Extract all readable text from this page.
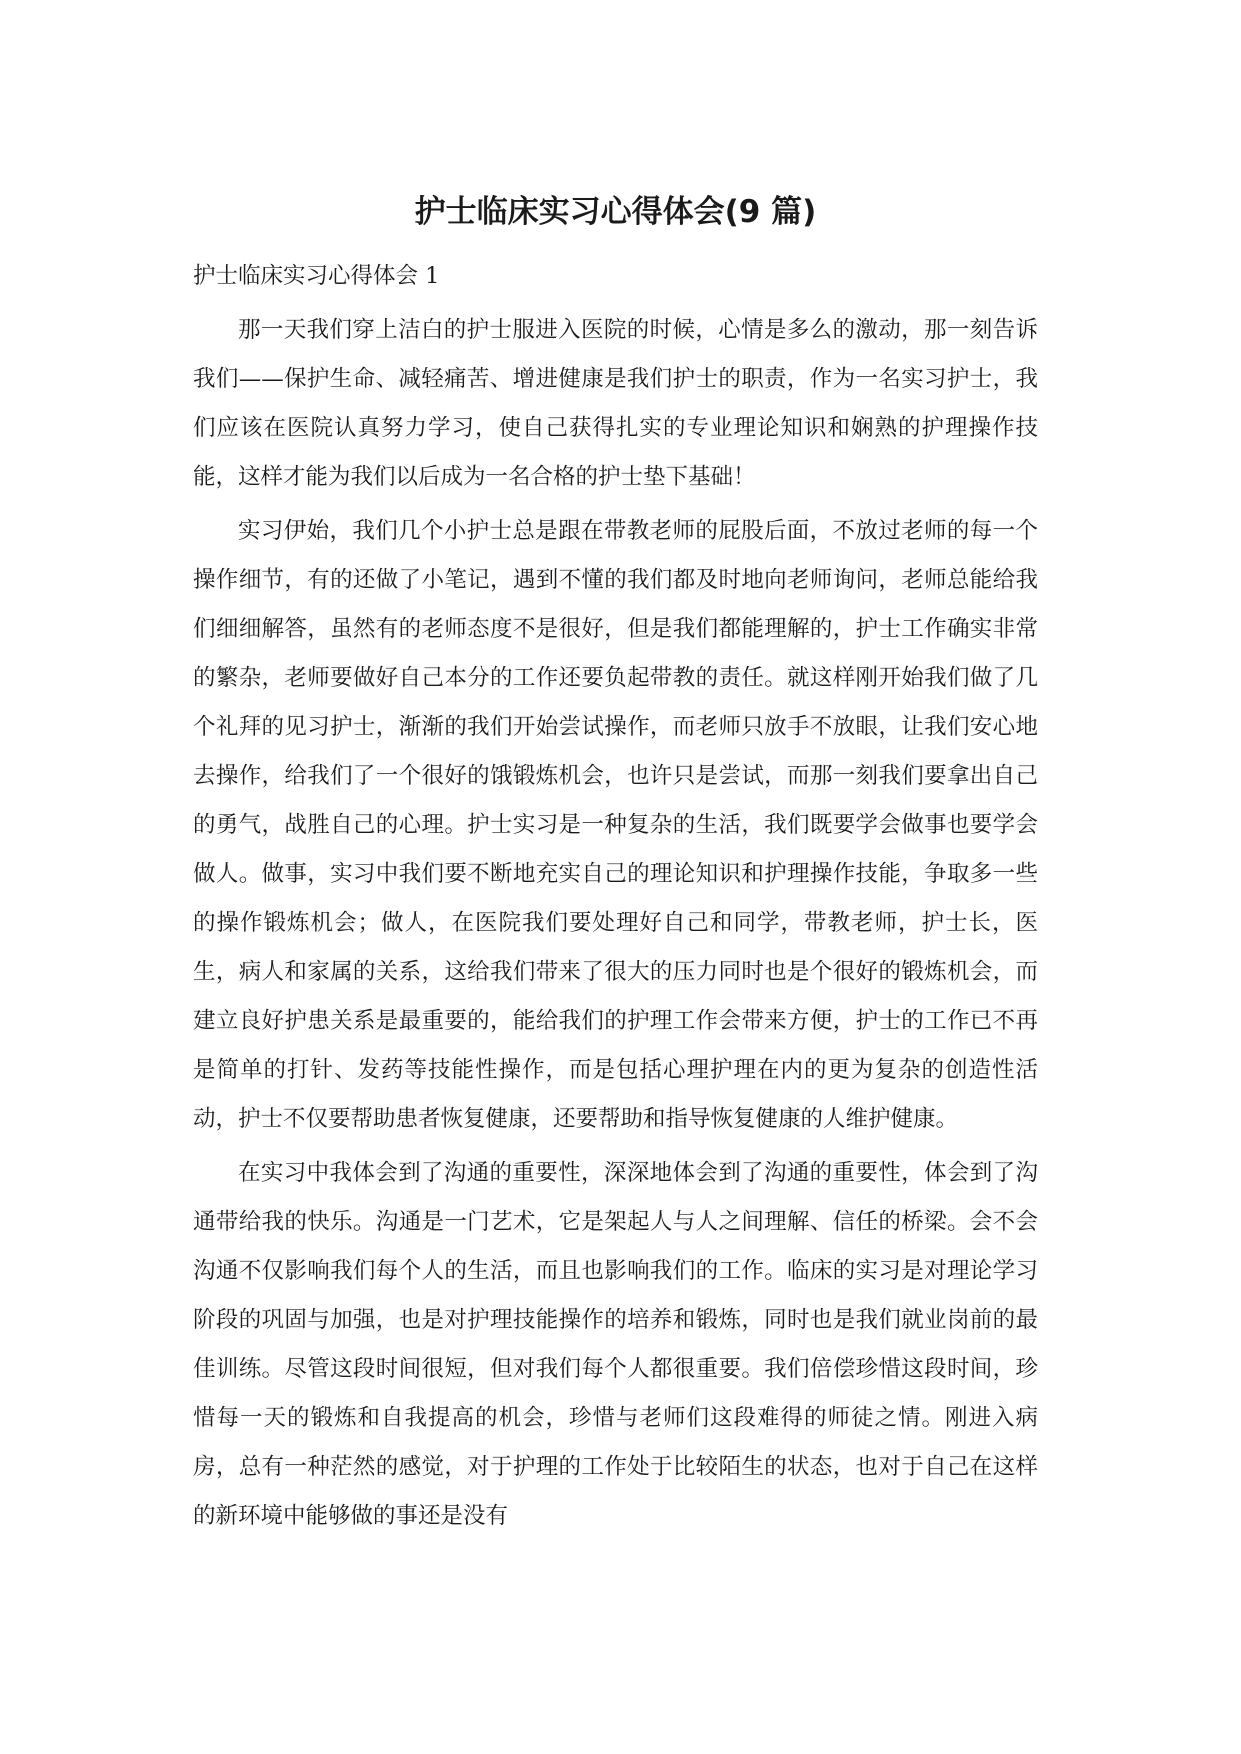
护士临床实习心得体会(9 篇)

护士临床实习心得体会 1

那一天我们穿上洁白的护士服进入医院的时候，心情是多么的激动，那一刻告诉我们——保护生命、减轻痛苦、增进健康是我们护士的职责，作为一名实习护士，我们应该在医院认真努力学习，使自己获得扎实的专业理论知识和娴熟的护理操作技能，这样才能为我们以后成为一名合格的护士垫下基础！

实习伊始，我们几个小护士总是跟在带教老师的屁股后面，不放过老师的每一个操作细节，有的还做了小笔记，遇到不懂的我们都及时地向老师询问，老师总能给我们细细解答，虽然有的老师态度不是很好，但是我们都能理解的，护士工作确实非常的繁杂，老师要做好自己本分的工作还要负起带教的责任。就这样刚开始我们做了几个礼拜的见习护士，渐渐的我们开始尝试操作，而老师只放手不放眼，让我们安心地去操作，给我们了一个很好的饿锻炼机会，也许只是尝试，而那一刻我们要拿出自己的勇气，战胜自己的心理。护士实习是一种复杂的生活，我们既要学会做事也要学会做人。做事，实习中我们要不断地充实自己的理论知识和护理操作技能，争取多一些的操作锻炼机会；做人，在医院我们要处理好自己和同学，带教老师，护士长，医生，病人和家属的关系，这给我们带来了很大的压力同时也是个很好的锻炼机会，而建立良好护患关系是最重要的，能给我们的护理工作会带来方便，护士的工作已不再是简单的打针、发药等技能性操作，而是包括心理护理在内的更为复杂的创造性活动，护士不仅要帮助患者恢复健康，还要帮助和指导恢复健康的人维护健康。

在实习中我体会到了沟通的重要性，深深地体会到了沟通的重要性，体会到了沟通带给我的快乐。沟通是一门艺术，它是架起人与人之间理解、信任的桥梁。会不会沟通不仅影响我们每个人的生活，而且也影响我们的工作。临床的实习是对理论学习阶段的巩固与加强，也是对护理技能操作的培养和锻炼，同时也是我们就业岗前的最佳训练。尽管这段时间很短，但对我们每个人都很重要。我们倍偿珍惜这段时间，珍惜每一天的锻炼和自我提高的机会，珍惜与老师们这段难得的师徒之情。刚进入病房，总有一种茫然的感觉，对于护理的工作处于比较陌生的状态，也对于自己在这样的新环境中能够做的事还是没有
